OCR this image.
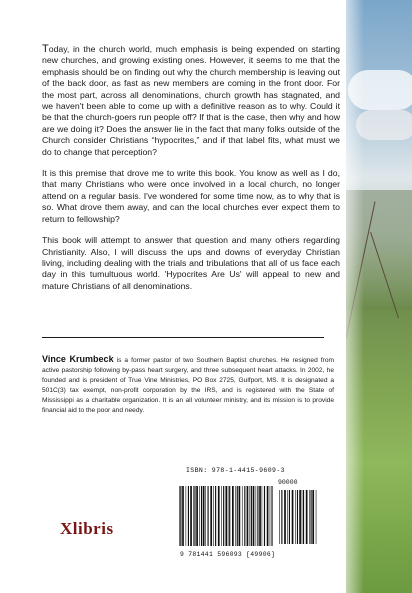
Today, in the church world, much emphasis is being expended on starting new churches, and growing existing ones. However, it seems to me that the emphasis should be on finding out why the church membership is leaving out of the back door, as fast as new members are coming in the front door. For the most part, across all denominations, church growth has stagnated, and we haven't been able to come up with a definitive reason as to why. Could it be that the church-goers run people off? If that is the case, then why and how are we doing it? Does the answer lie in the fact that many folks outside of the Church consider Christians “hypocrites,” and if that label fits, what must we do to change that perception?

It is this premise that drove me to write this book. You know as well as I do, that many Christians who were once involved in a local church, no longer attend on a regular basis. I've wondered for some time now, as to why that is so. What drove them away, and can the local churches ever expect them to return to fellowship?

This book will attempt to answer that question and many others regarding Christianity. Also, I will discuss the ups and downs of everyday Christian living, including dealing with the trials and tribulations that all of us face each day in this tumultuous world. 'Hypocrites Are Us' will appeal to new and mature Christians of all denominations.

Vince Krumbeck is a former pastor of two Southern Baptist churches. He resigned from active pastorship following by-pass heart surgery, and three subsequent heart attacks. In 2002, he founded and is president of True Vine Ministries, PO Box 2725, Gulfport, MS. It is designated a 501C(3) tax exempt, non-profit corporation by the IRS, and is registered with the State of Mississippi as a charitable organization. It is an all volunteer ministry, and its mission is to provide financial aid to the poor and needy.
Xlibris
ISBN: 978-1-4415-9609-3
90000
9 781441 596093 [49906]
